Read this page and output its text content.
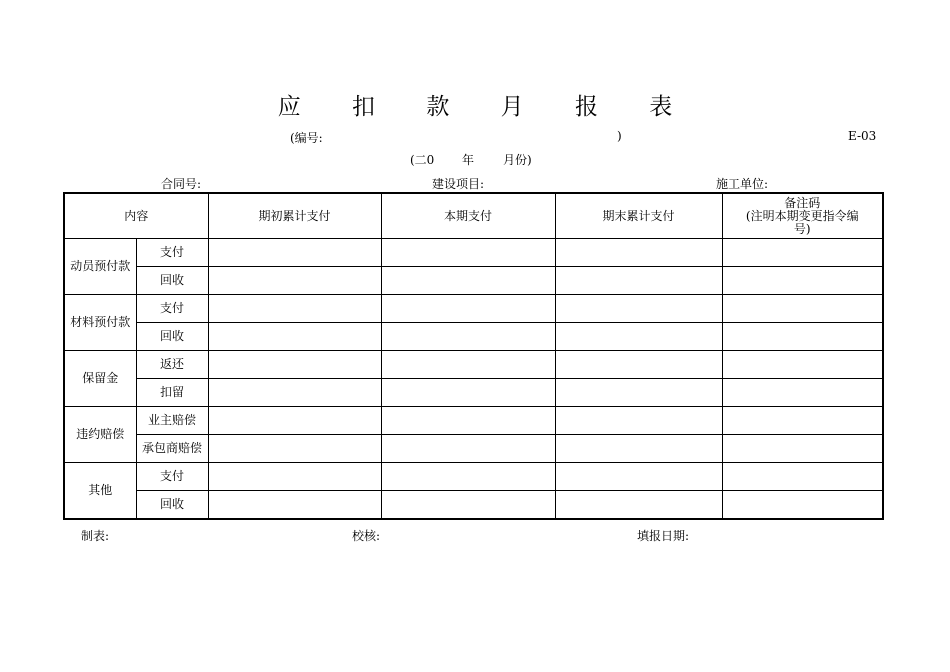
应 扣 款 月 报 表
(编号:	)	E-03
(二0 年 月份)
合同号:	建设项目:	施工单位:
内容		期初累计支付	本期支付	期末累计支付	备注码
(注明本期变更指令编
号)

动员预付款	支付				
	回收				
材料预付款	支付				
	回收				
保留金	返还				
	扣留				
违约赔偿	业主赔偿				
	承包商赔偿				
其他	支付				
	回收				
制表:	校核:	填报日期:
